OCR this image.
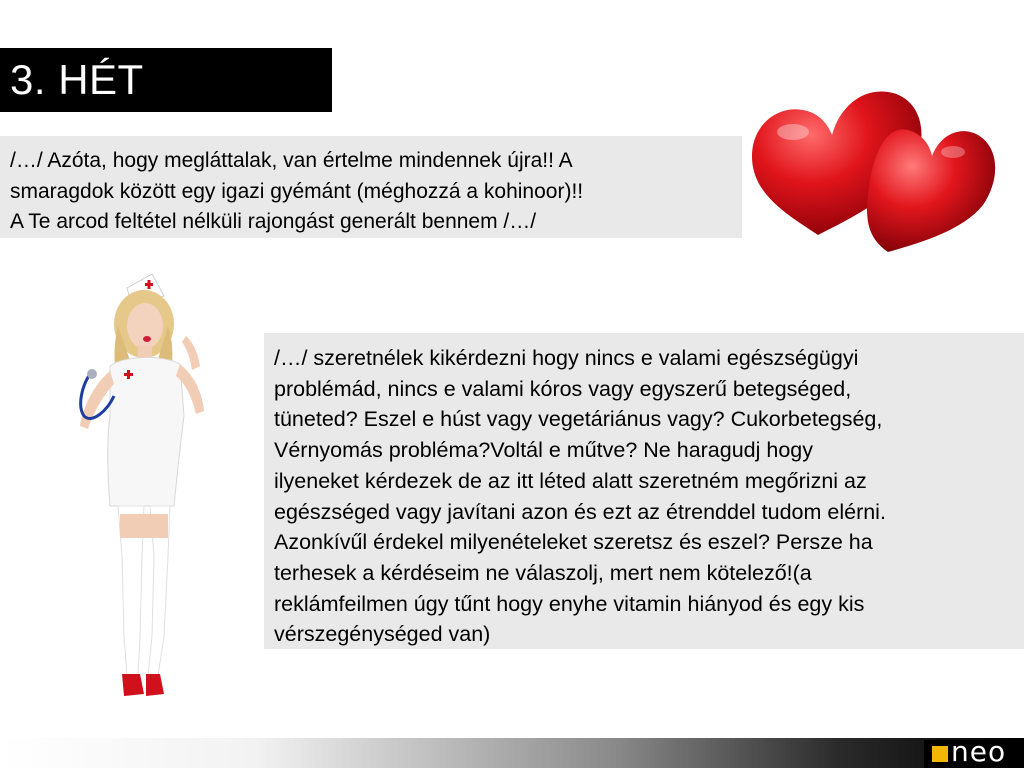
3. HÉT

/…/ Azóta, hogy megláttalak, van értelme mindennek újra!! A

smaragdok között egy igazi gyémánt (méghozzá a kohinoor)!!

A Te arcod feltétel nélküli rajongást generált bennem /…/

/…/ szeretnélek kikérdezni hogy nincs e valami egészségügyi

problémád, nincs e valami kóros vagy egyszerű betegséged,

tüneted? Eszel e húst vagy vegetáriánus vagy? Cukorbetegség,

Vérnyomás probléma?Voltál e műtve? Ne haragudj hogy

ilyeneket kérdezek de az itt léted alatt szeretném megőrizni az

egészséged vagy javítani azon és ezt az étrenddel tudom elérni.

Azonkívűl érdekel milyenételeket szeretsz és eszel? Persze ha

terhesek a kérdéseim ne válaszolj, mert nem kötelező!(a

reklámfeilmen úgy tűnt hogy enyhe vitamin hiányod és egy kis

vérszegénységed van)

neo
